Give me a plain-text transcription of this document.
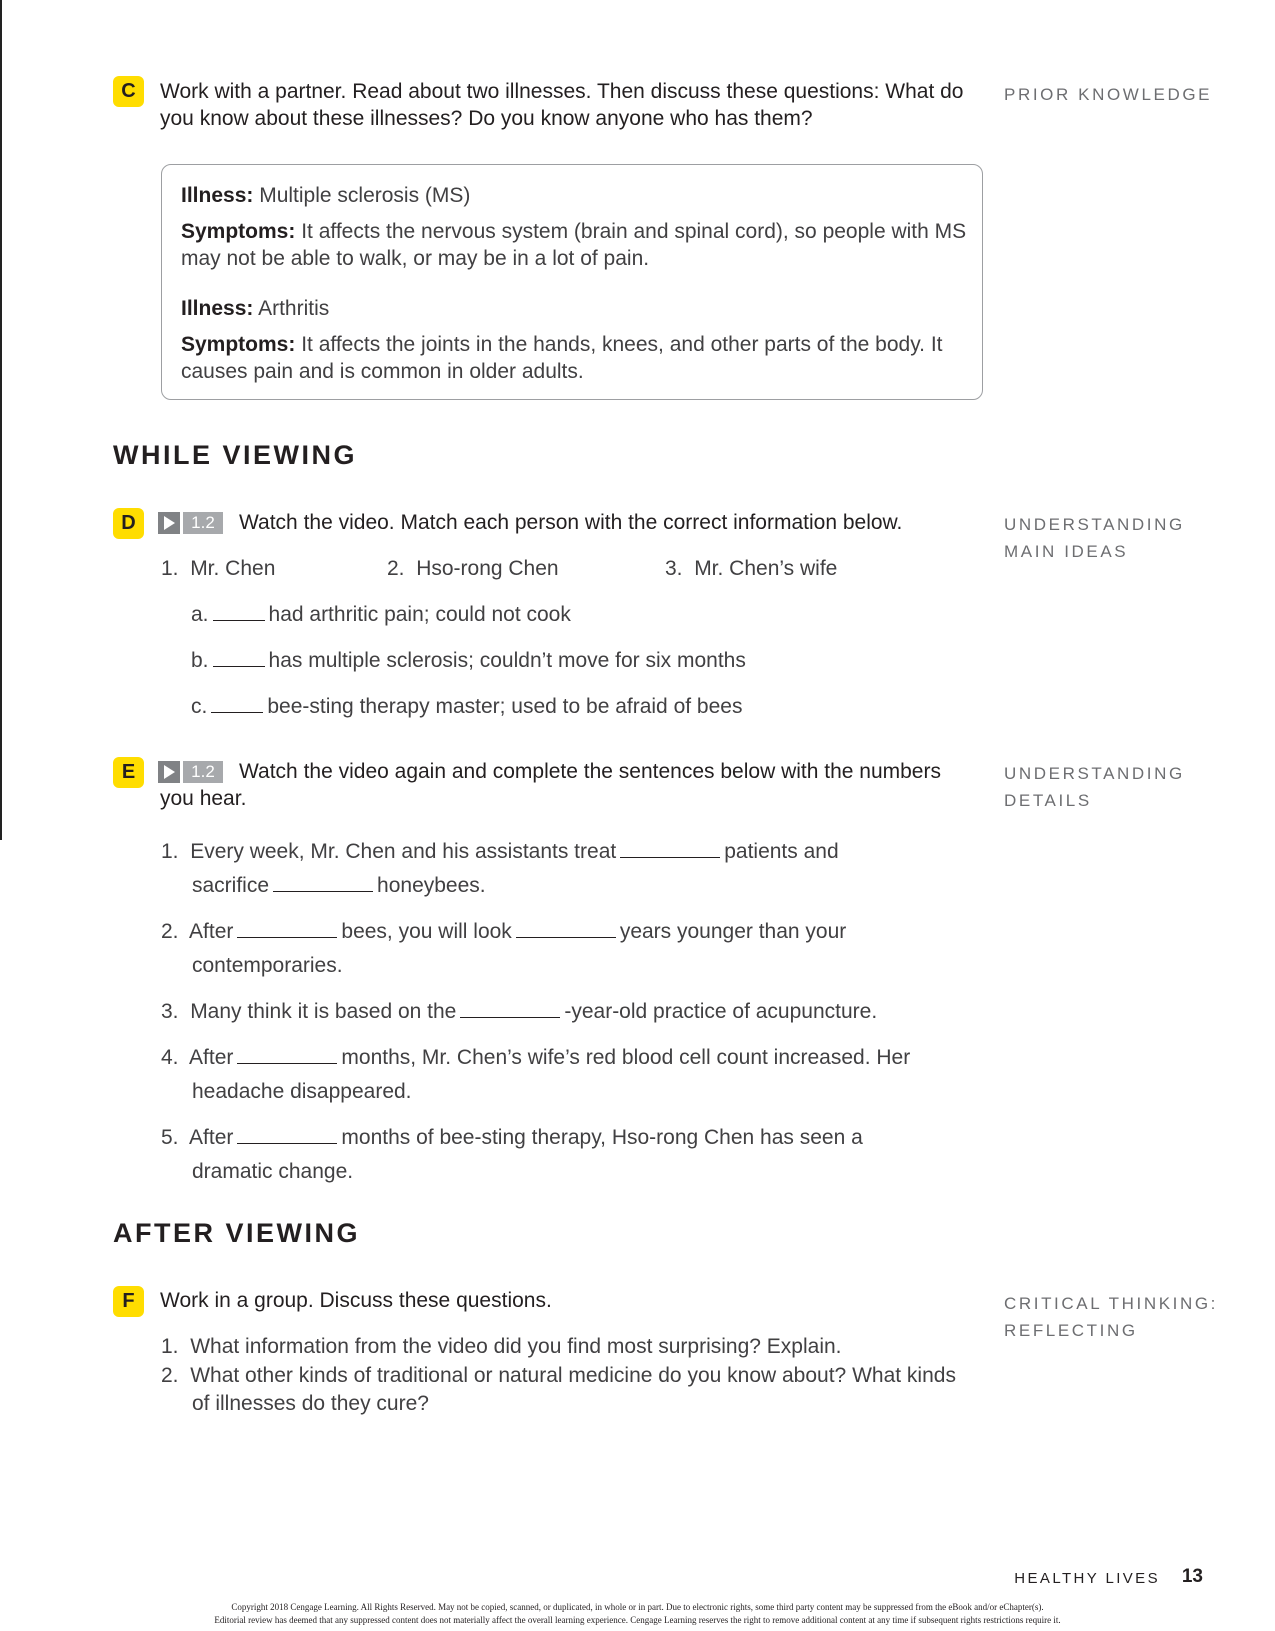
C	Work with a partner. Read about two illnesses. Then discuss these questions: What do
you know about these illnesses? Do you know anyone who has them?
PRIOR KNOWLEDGE
Illness: Multiple sclerosis (MS)
Symptoms: It affects the nervous system (brain and spinal cord), so people with MS
may not be able to walk, or may be in a lot of pain.
Illness: Arthritis
Symptoms: It affects the joints in the hands, knees, and other parts of the body. It
causes pain and is common in older adults.
WHILE VIEWING
D	1.2	Watch the video. Match each person with the correct information below.	UNDERSTANDING
MAIN IDEAS
1. Mr. Chen	2. Hso-rong Chen	3. Mr. Chen’s wife
a.	had arthritic pain; could not cook
b.	has multiple sclerosis; couldn’t move for six months
c.	bee-sting therapy master; used to be afraid of bees
E	1.2	Watch the video again and complete the sentences below with the numbers
you hear.
UNDERSTANDING
DETAILS
1. Every week, Mr. Chen and his assistants treat	patients and
sacrifice	honeybees.
2. After	bees, you will look	years younger than your
contemporaries.
3. Many think it is based on the	-year-old practice of acupuncture.
4. After	months, Mr. Chen’s wife’s red blood cell count increased. Her
headache disappeared.
5. After	months of bee-sting therapy, Hso-rong Chen has seen a
dramatic change.
AFTER VIEWING
F	Work in a group. Discuss these questions.	CRITICAL THINKING:
REFLECTING
1. What information from the video did you find most surprising? Explain.
2. What other kinds of traditional or natural medicine do you know about? What kinds
of illnesses do they cure?
HEALTHY LIVES 13
Copyright 2018 Cengage Learning. All Rights Reserved. May not be copied, scanned, or duplicated, in whole or in part. Due to electronic rights, some third party content may be suppressed from the eBook and/or eChapter(s).
Editorial review has deemed that any suppressed content does not materially affect the overall learning experience. Cengage Learning reserves the right to remove additional content at any time if subsequent rights restrictions require it.
